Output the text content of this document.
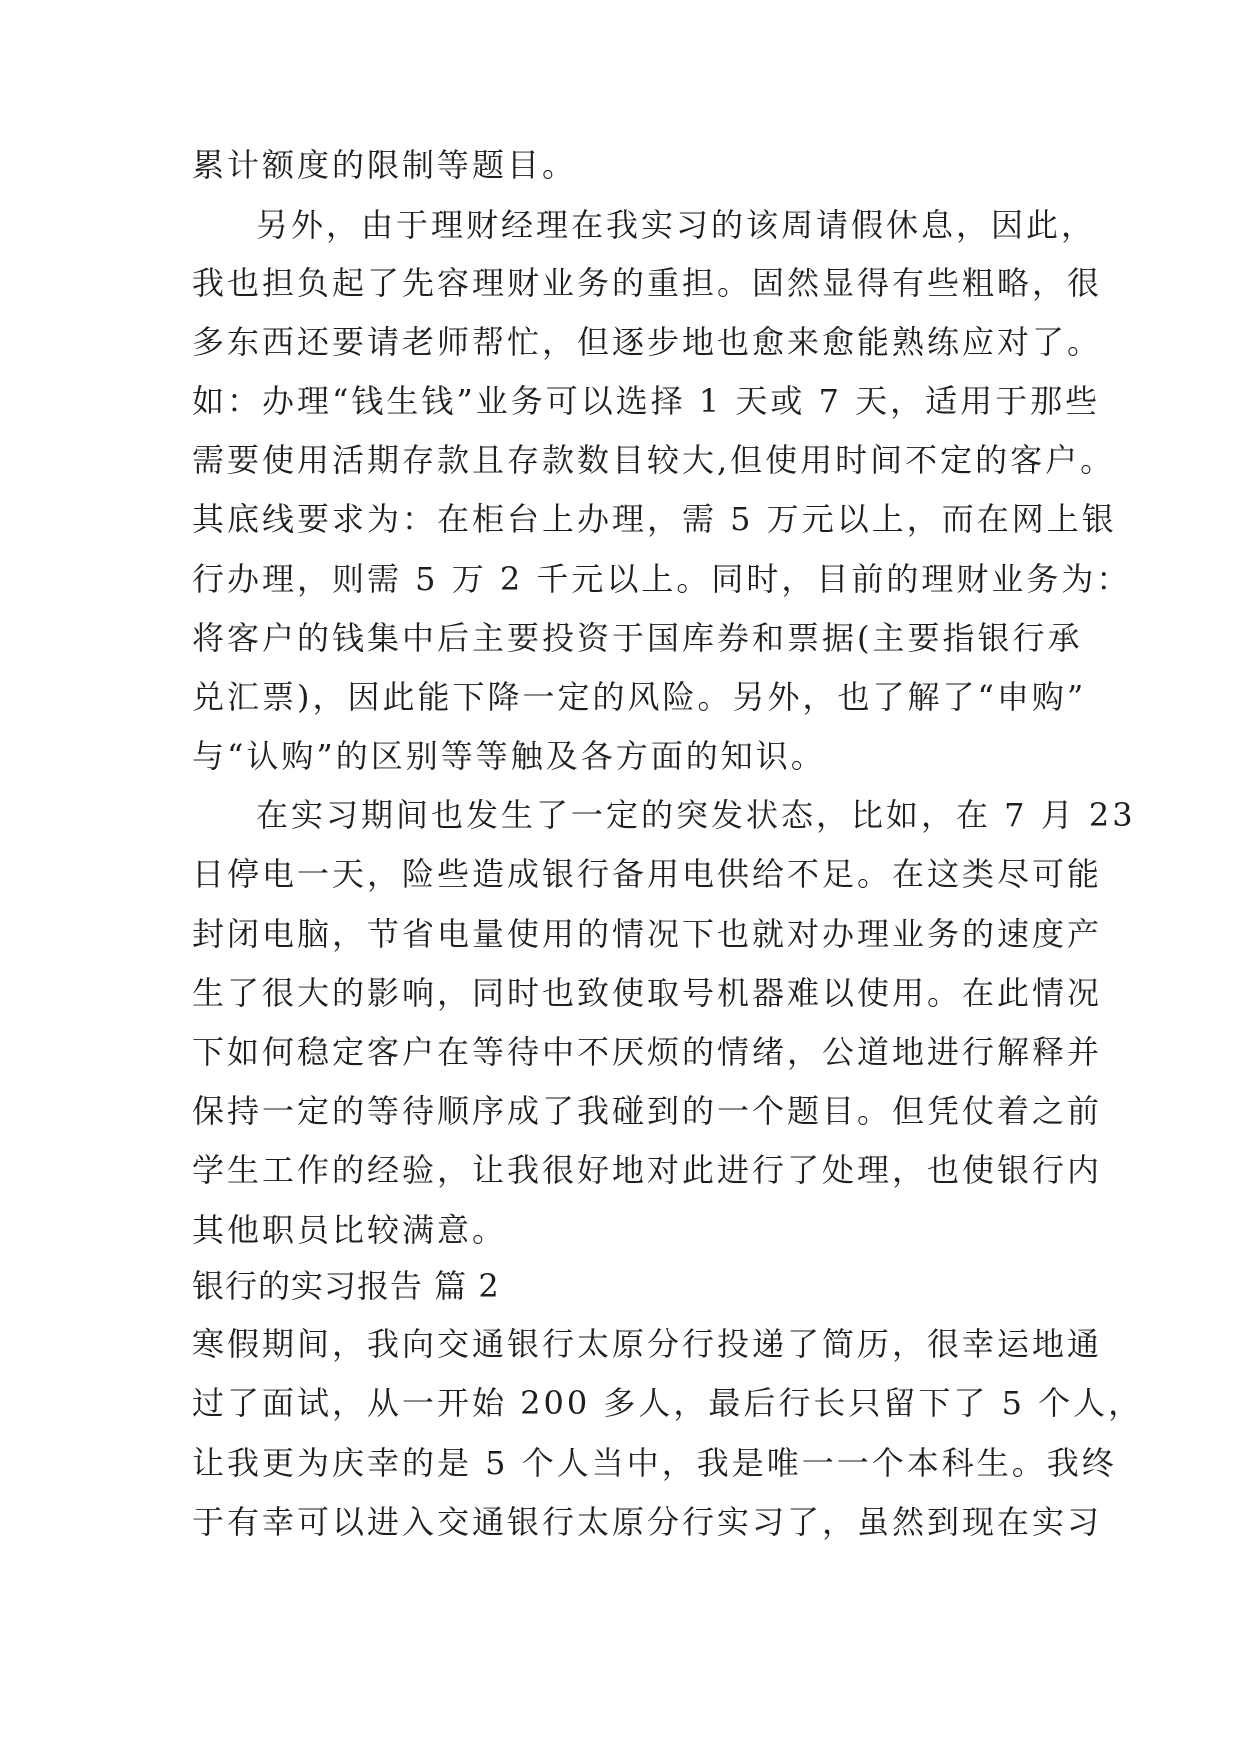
累计额度的限制等题目。
另外，由于理财经理在我实习的该周请假休息，因此，
我也担负起了先容理财业务的重担。固然显得有些粗略，很
多东西还要请老师帮忙，但逐步地也愈来愈能熟练应对了。
如：办理“钱生钱”业务可以选择 1 天或 7 天，适用于那些
需要使用活期存款且存款数目较大,但使用时间不定的客户。
其底线要求为：在柜台上办理，需 5 万元以上，而在网上银
行办理，则需 5 万 2 千元以上。同时，目前的理财业务为：
将客户的钱集中后主要投资于国库券和票据(主要指银行承
兑汇票)，因此能下降一定的风险。另外，也了解了“申购”
与“认购”的区别等等触及各方面的知识。
在实习期间也发生了一定的突发状态，比如，在 7 月 23
日停电一天，险些造成银行备用电供给不足。在这类尽可能
封闭电脑，节省电量使用的情况下也就对办理业务的速度产
生了很大的影响，同时也致使取号机器难以使用。在此情况
下如何稳定客户在等待中不厌烦的情绪，公道地进行解释并
保持一定的等待顺序成了我碰到的一个题目。但凭仗着之前
学生工作的经验，让我很好地对此进行了处理，也使银行内
其他职员比较满意。
银行的实习报告 篇 2
寒假期间，我向交通银行太原分行投递了简历，很幸运地通
过了面试，从一开始 200 多人，最后行长只留下了 5 个人，
让我更为庆幸的是 5 个人当中，我是唯一一个本科生。我终
于有幸可以进入交通银行太原分行实习了，虽然到现在实习
